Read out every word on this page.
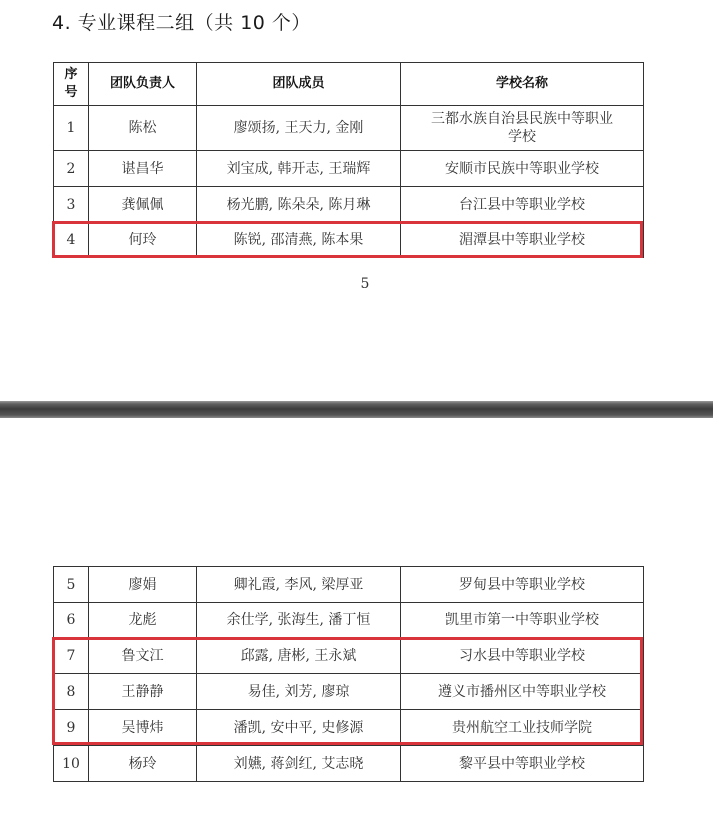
4. 专业课程二组（共 10 个）
序号	团队负责人	团队成员	学校名称
1	陈松	廖颂扬, 王天力, 金刚	三都水族自治县民族中等职业学校
2	谌昌华	刘宝成, 韩开志, 王瑞辉	安顺市民族中等职业学校
3	龚佩佩	杨光鹏, 陈朵朵, 陈月琳	台江县中等职业学校
4	何玲	陈锐, 邵清燕, 陈本果	湄潭县中等职业学校
5
5	廖娟	卿礼霞, 李风, 梁厚亚	罗甸县中等职业学校
6	龙彪	余仕学, 张海生, 潘丁恒	凯里市第一中等职业学校
7	鲁文江	邱露, 唐彬, 王永斌	习水县中等职业学校
8	王静静	易佳, 刘芳, 廖琼	遵义市播州区中等职业学校
9	吴博炜	潘凯, 安中平, 史修源	贵州航空工业技师学院
10	杨玲	刘嬿, 蒋剑红, 艾志晓	黎平县中等职业学校
